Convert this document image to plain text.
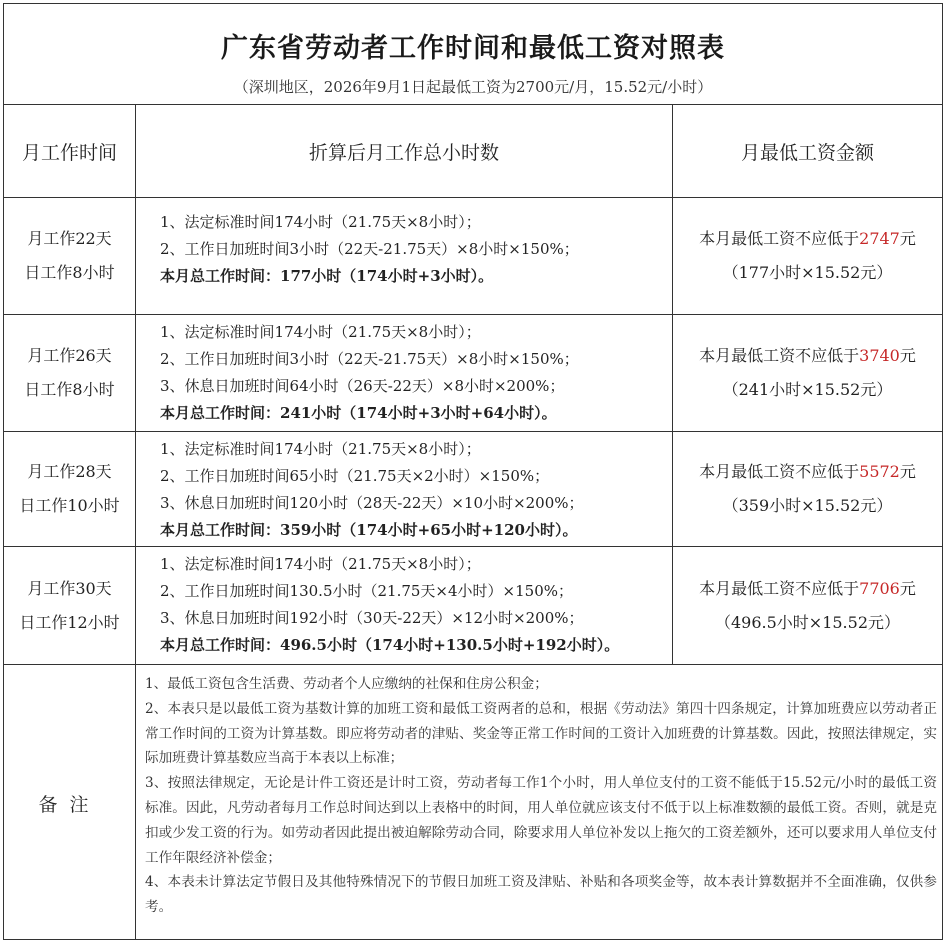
广东省劳动者工作时间和最低工资对照表
（深圳地区，2026年9月1日起最低工资为2700元/月，15.52元/小时）
月工作时间	折算后月工作总小时数	月最低工资金额
月工作22天
日工作8小时
1、法定标准时间174小时（21.75天×8小时）；
2、工作日加班时间3小时（22天-21.75天）×8小时×150%；
本月总工作时间：177小时（174小时+3小时）。
本月最低工资不应低于2747元
（177小时×15.52元）
月工作26天
日工作8小时
1、法定标准时间174小时（21.75天×8小时）；
2、工作日加班时间3小时（22天-21.75天）×8小时×150%；
3、休息日加班时间64小时（26天-22天）×8小时×200%；
本月总工作时间：241小时（174小时+3小时+64小时）。
本月最低工资不应低于3740元
（241小时×15.52元）
月工作28天
日工作10小时
1、法定标准时间174小时（21.75天×8小时）；
2、工作日加班时间65小时（21.75天×2小时）×150%；
3、休息日加班时间120小时（28天-22天）×10小时×200%；
本月总工作时间：359小时（174小时+65小时+120小时）。
本月最低工资不应低于5572元
（359小时×15.52元）
月工作30天
日工作12小时
1、法定标准时间174小时（21.75天×8小时）；
2、工作日加班时间130.5小时（21.75天×4小时）×150%；
3、休息日加班时间192小时（30天-22天）×12小时×200%；
本月总工作时间：496.5小时（174小时+130.5小时+192小时）。
本月最低工资不应低于7706元
（496.5小时×15.52元）
备注

1、最低工资包含生活费、劳动者个人应缴纳的社保和住房公积金；

2、本表只是以最低工资为基数计算的加班工资和最低工资两者的总和，根据《劳动法》第四十四条规定，计算加班费应以劳动者正常工作时间的工资为计算基数。即应将劳动者的津贴、奖金等正常工作时间的工资计入加班费的计算基数。因此，按照法律规定，实际加班费计算基数应当高于本表以上标准；

3、按照法律规定，无论是计件工资还是计时工资，劳动者每工作1个小时，用人单位支付的工资不能低于15.52元/小时的最低工资标准。因此，凡劳动者每月工作总时间达到以上表格中的时间，用人单位就应该支付不低于以上标准数额的最低工资。否则，就是克扣或少发工资的行为。如劳动者因此提出被迫解除劳动合同，除要求用人单位补发以上拖欠的工资差额外，还可以要求用人单位支付工作年限经济补偿金；

4、本表未计算法定节假日及其他特殊情况下的节假日加班工资及津贴、补贴和各项奖金等，故本表计算数据并不全面准确，仅供参考。
